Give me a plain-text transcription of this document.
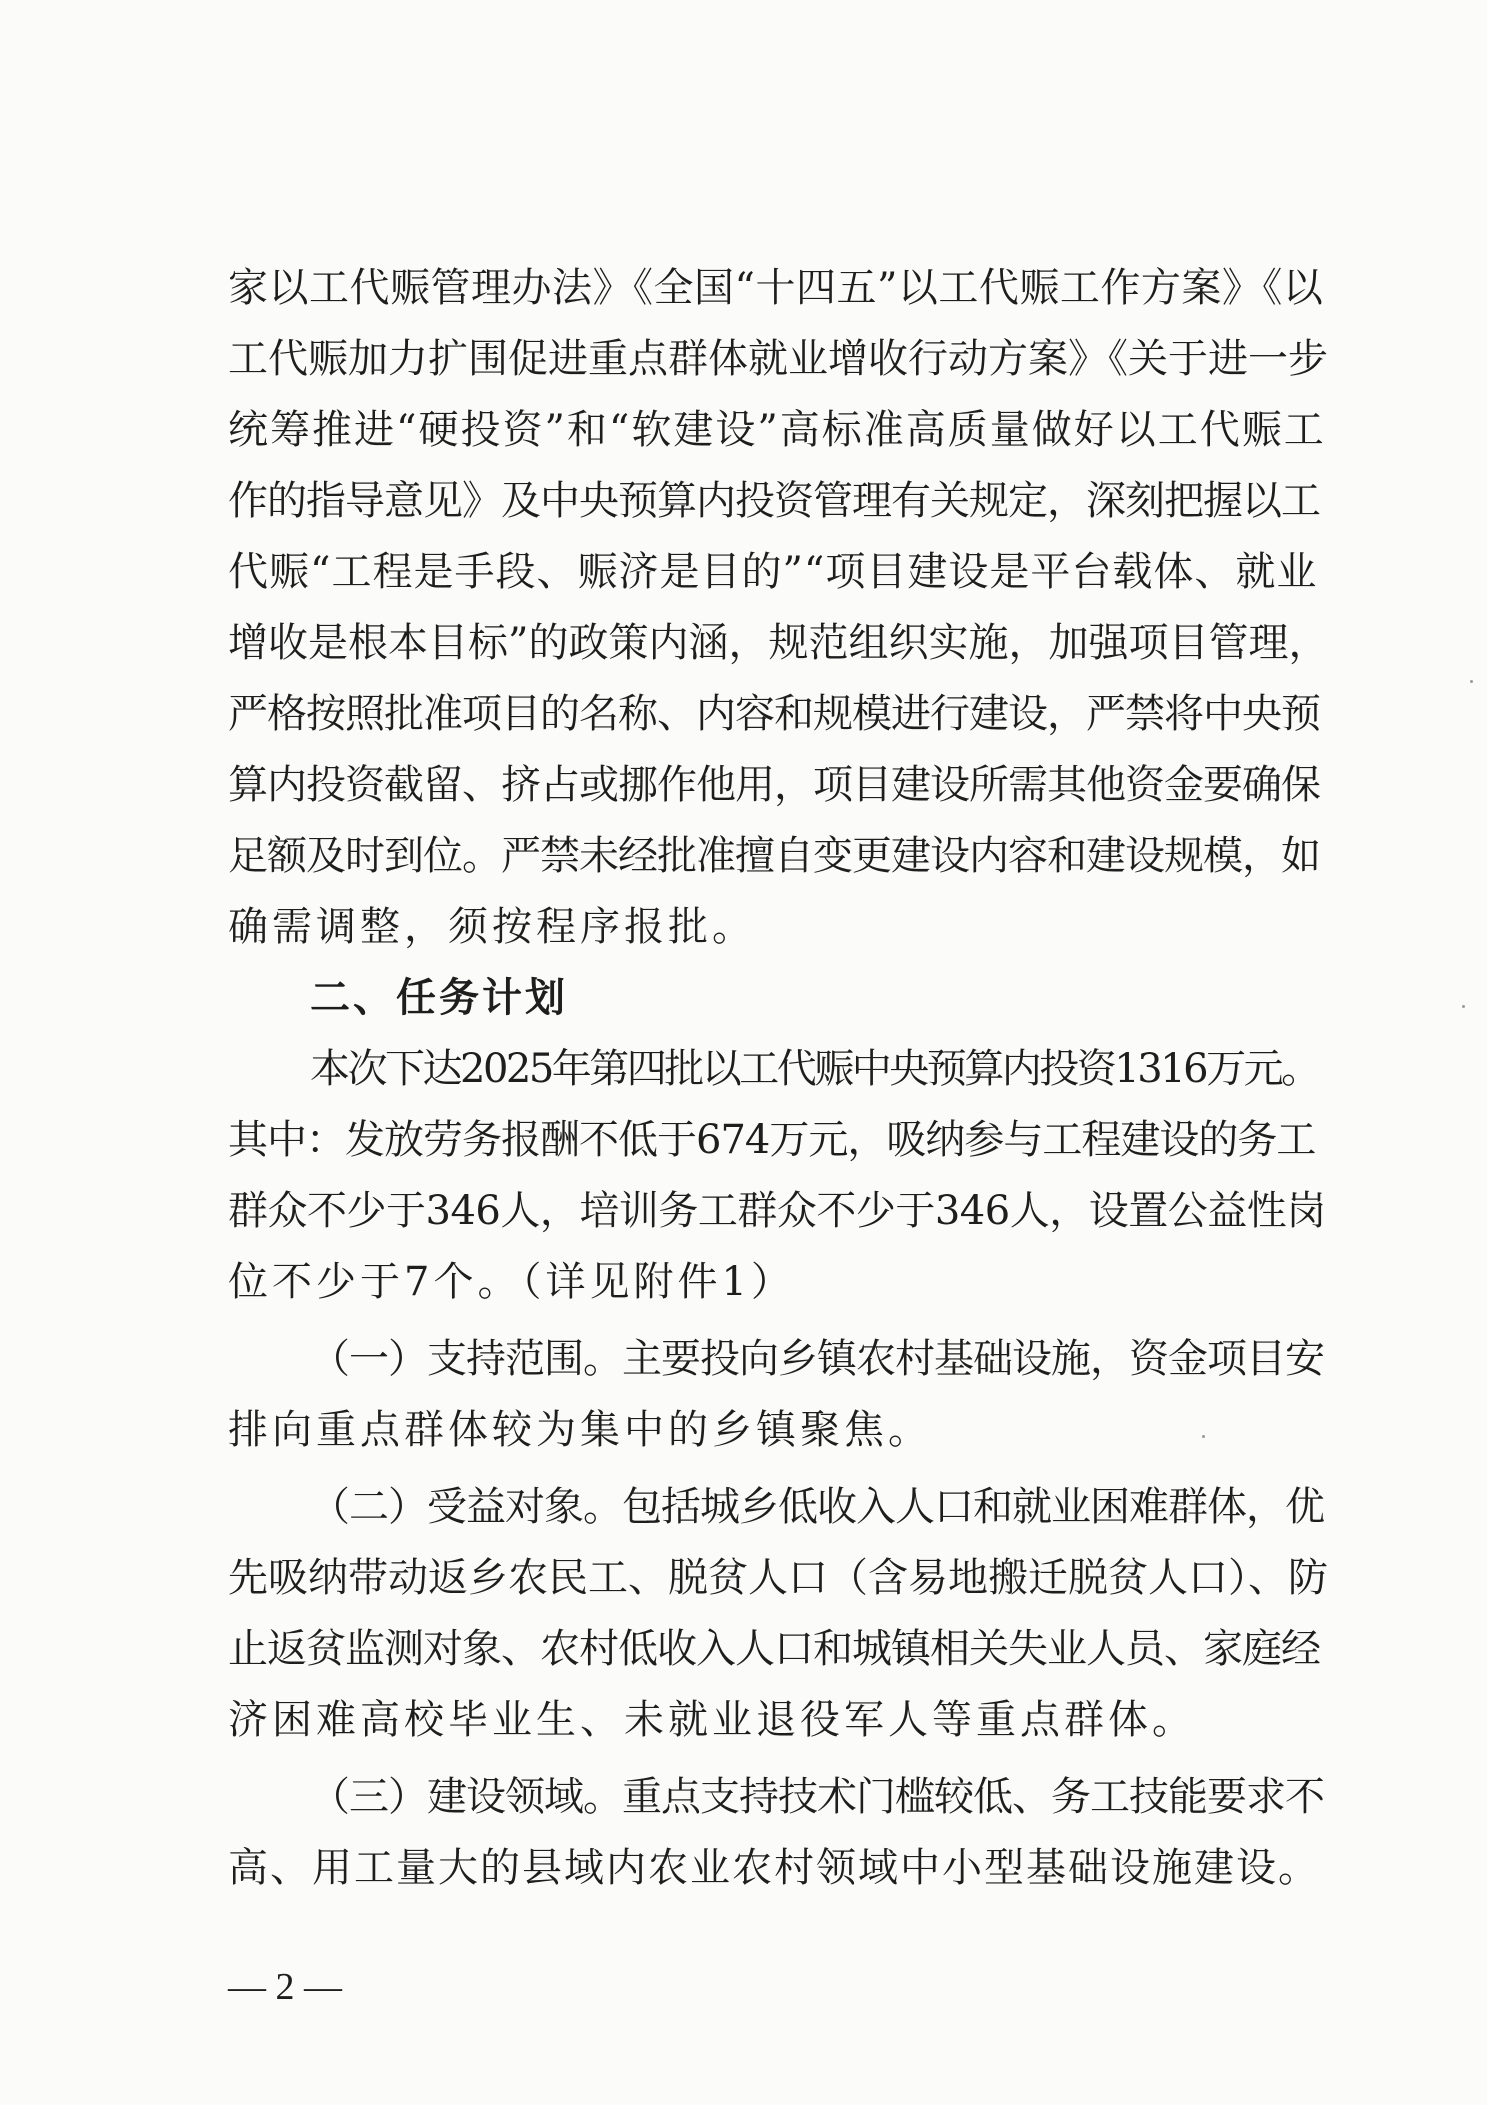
家以工代赈管理办法》《全国“十四五”以工代赈工作方案》《以
工代赈加力扩围促进重点群体就业增收行动方案》《关于进一步
统筹推进“硬投资”和“软建设”高标准高质量做好以工代赈工
作的指导意见》及中央预算内投资管理有关规定，深刻把握以工
代赈“工程是手段、赈济是目的”“项目建设是平台载体、就业
增收是根本目标”的政策内涵，规范组织实施，加强项目管理，
严格按照批准项目的名称、内容和规模进行建设，严禁将中央预
算内投资截留、挤占或挪作他用，项目建设所需其他资金要确保
足额及时到位。严禁未经批准擅自变更建设内容和建设规模，如
确需调整，须按程序报批。
二、任务计划
本次下达2025年第四批以工代赈中央预算内投资1316万元。
其中：发放劳务报酬不低于674万元，吸纳参与工程建设的务工
群众不少于346人，培训务工群众不少于346人，设置公益性岗
位不少于7个。（详见附件1）
（一）支持范围。主要投向乡镇农村基础设施，资金项目安
排向重点群体较为集中的乡镇聚焦。
（二）受益对象。包括城乡低收入人口和就业困难群体，优
先吸纳带动返乡农民工、脱贫人口（含易地搬迁脱贫人口）、防
止返贫监测对象、农村低收入人口和城镇相关失业人员、家庭经
济困难高校毕业生、未就业退役军人等重点群体。
（三）建设领域。重点支持技术门槛较低、务工技能要求不
高、用工量大的县域内农业农村领域中小型基础设施建设。
— 2 —
